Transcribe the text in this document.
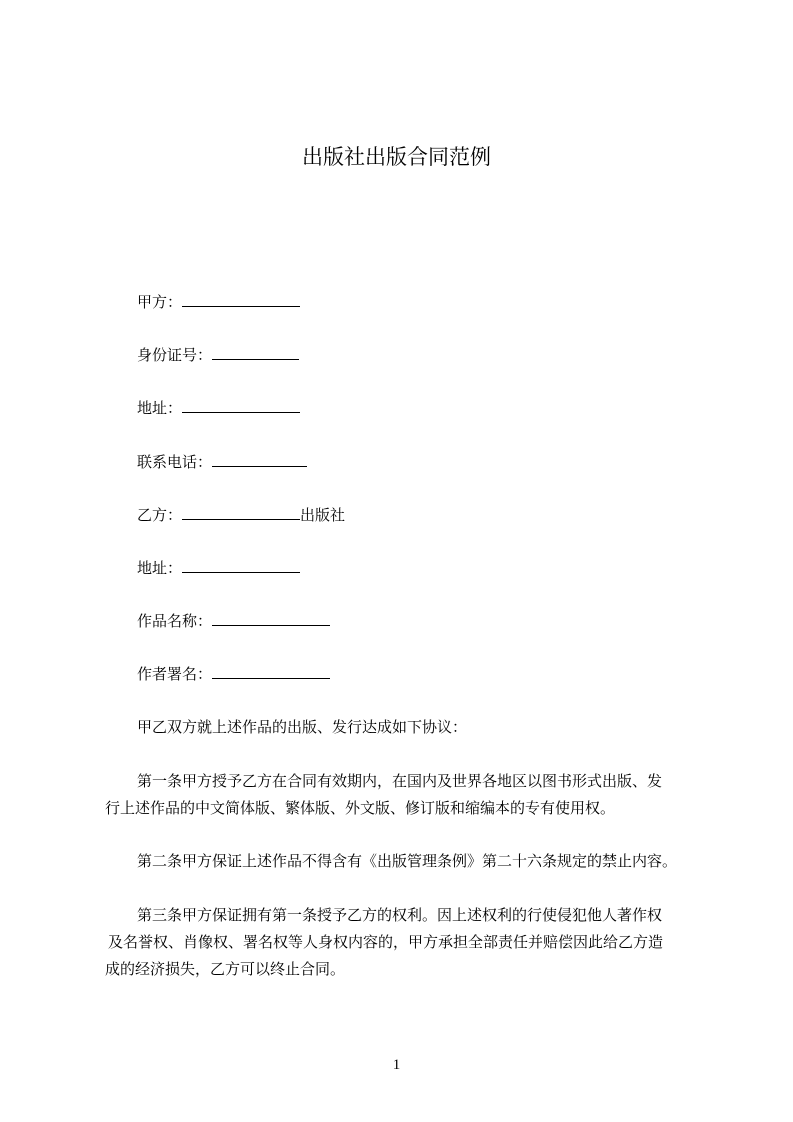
出版社出版合同范例
甲方：
身份证号：
地址：
联系电话：
乙方：	出版社
地址：
作品名称：
作者署名：
甲乙双方就上述作品的出版、发行达成如下协议：
第一条甲方授予乙方在合同有效期内，在国内及世界各地区以图书形式出版、发
行上述作品的中文简体版、繁体版、外文版、修订版和缩编本的专有使用权。
第二条甲方保证上述作品不得含有《出版管理条例》第二十六条规定的禁止内容。
第三条甲方保证拥有第一条授予乙方的权利。因上述权利的行使侵犯他人著作权
及名誉权、肖像权、署名权等人身权内容的，甲方承担全部责任并赔偿因此给乙方造
成的经济损失，乙方可以终止合同。
1
